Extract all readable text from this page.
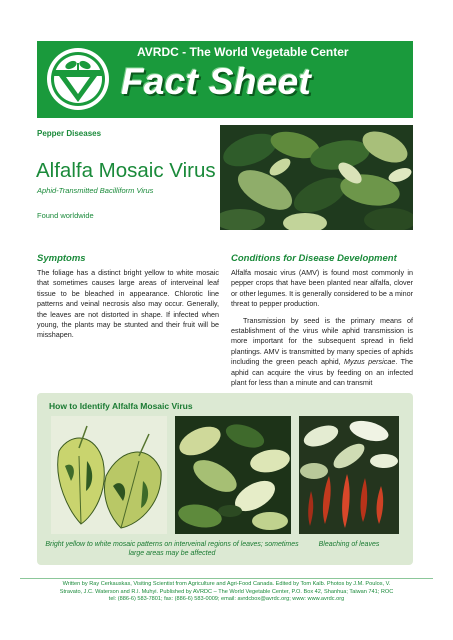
AVRDC - The World Vegetable Center
Fact Sheet
Pepper Diseases
Alfalfa Mosaic Virus
Aphid-Transmitted Bacilliform Virus
Found worldwide
Symptoms

The foliage has a distinct bright yellow to white mosaic that sometimes causes large areas of interveinal leaf tissue to be bleached in appearance. Chlorotic line patterns and veinal necrosis also may occur. Generally, the leaves are not distorted in shape. If infected when young, the plants may be stunted and their fruit will be misshapen.

Conditions for Disease Development

Alfalfa mosaic virus (AMV) is found most commonly in pepper crops that have been planted near alfalfa, clover or other legumes. It is generally considered to be a minor threat to pepper production.

Transmission by seed is the primary means of establishment of the virus while aphid transmission is more important for the subsequent spread in field plantings. AMV is transmitted by many species of aphids including the green peach aphid, Myzus persicae. The aphid can acquire the virus by feeding on an infected plant for less than a minute and can transmit

How to Identify Alfalfa Mosaic Virus
Bright yellow to white mosaic patterns on interveinal regions of leaves; sometimes large areas may be affected
Bleaching of leaves
Written by Ray Cerkauskas, Visiting Scientist from Agriculture and Agri-Food Canada. Edited by Tom Kalb. Photos by J.M. Poulos, V.
Stravato, J.C. Waterson and R.I. Muhyi. Published by AVRDC – The World Vegetable Center, P.O. Box 42, Shanhua; Taiwan 741; ROC
tel: (886-6) 583-7801; fax: (886-6) 583-0009; email: avrdcbox@avrdc.org; www: www.avrdc.org
